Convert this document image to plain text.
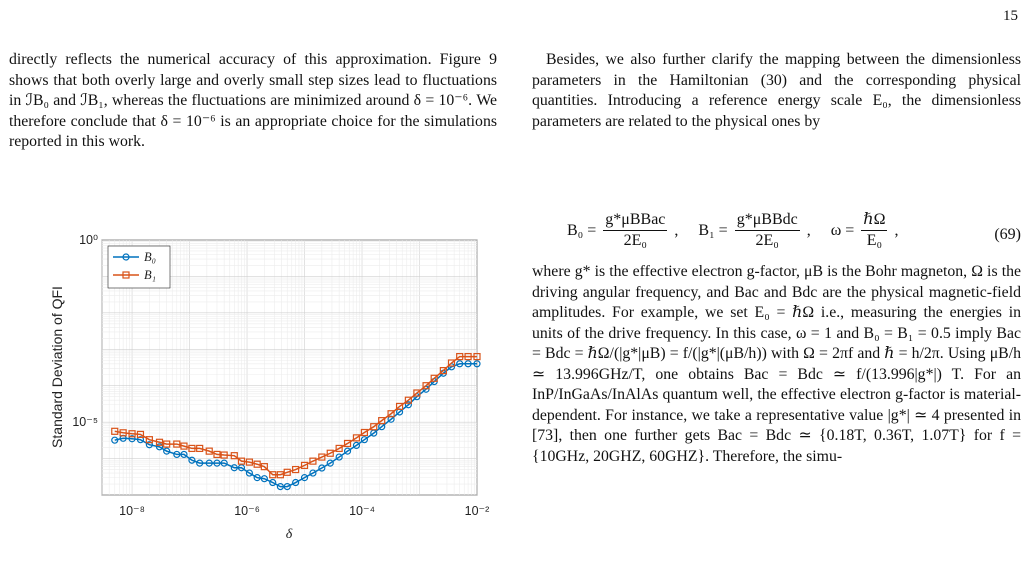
15

directly reflects the numerical accuracy of this approximation. Figure 9 shows that both overly large and overly small step sizes lead to fluctuations in ℐB₀ and ℐB₁, whereas the fluctuations are minimized around δ = 10⁻⁶. We therefore conclude that δ = 10⁻⁶ is an appropriate choice for the simulations reported in this work.

Besides, we also further clarify the mapping between the dimensionless parameters in the Hamiltonian (30) and the corresponding physical quantities. Introducing a reference energy scale E₀, the dimensionless parameters are related to the physical ones by

$B_0 = \frac{\text{g*μBBac}}{\text{2E₀}}$ , $B_1 = \frac{\text{g*μBBdc}}{\text{2E₀}}$ , $\omega = \frac{\text{ℏΩ}}{\text{E₀}}$ ,	(69)

where g* is the effective electron g-factor, μB is the Bohr magneton, Ω is the driving angular frequency, and Bac and Bdc are the physical magnetic-field amplitudes. For example, we set E₀ = ℏΩ i.e., measuring the energies in units of the drive frequency. In this case, ω = 1 and B₀ = B₁ = 0.5 imply Bac = Bdc = ℏΩ/(|g*|μB) = f/(|g*|(μB/h)) with Ω = 2πf and ℏ = h/2π. Using μB/h ≃ 13.996GHz/T, one obtains Bac = Bdc ≃ f/(13.996|g*|) T. For an InP/InGaAs/InAlAs quantum well, the effective electron g-factor is material-dependent. For instance, we take a representative value |g*| ≃ 4 presented in [73], then one further gets Bac = Bdc ≃ {0.18T, 0.36T, 1.07T} for f = {10GHz, 20GHZ, 60GHZ}. Therefore, the simu-

10⁻⁸	10⁻⁶	10⁻⁴	10⁻²
10⁰
10⁻⁵
Standard Deviation of QFI
δ
B₀
B₁
